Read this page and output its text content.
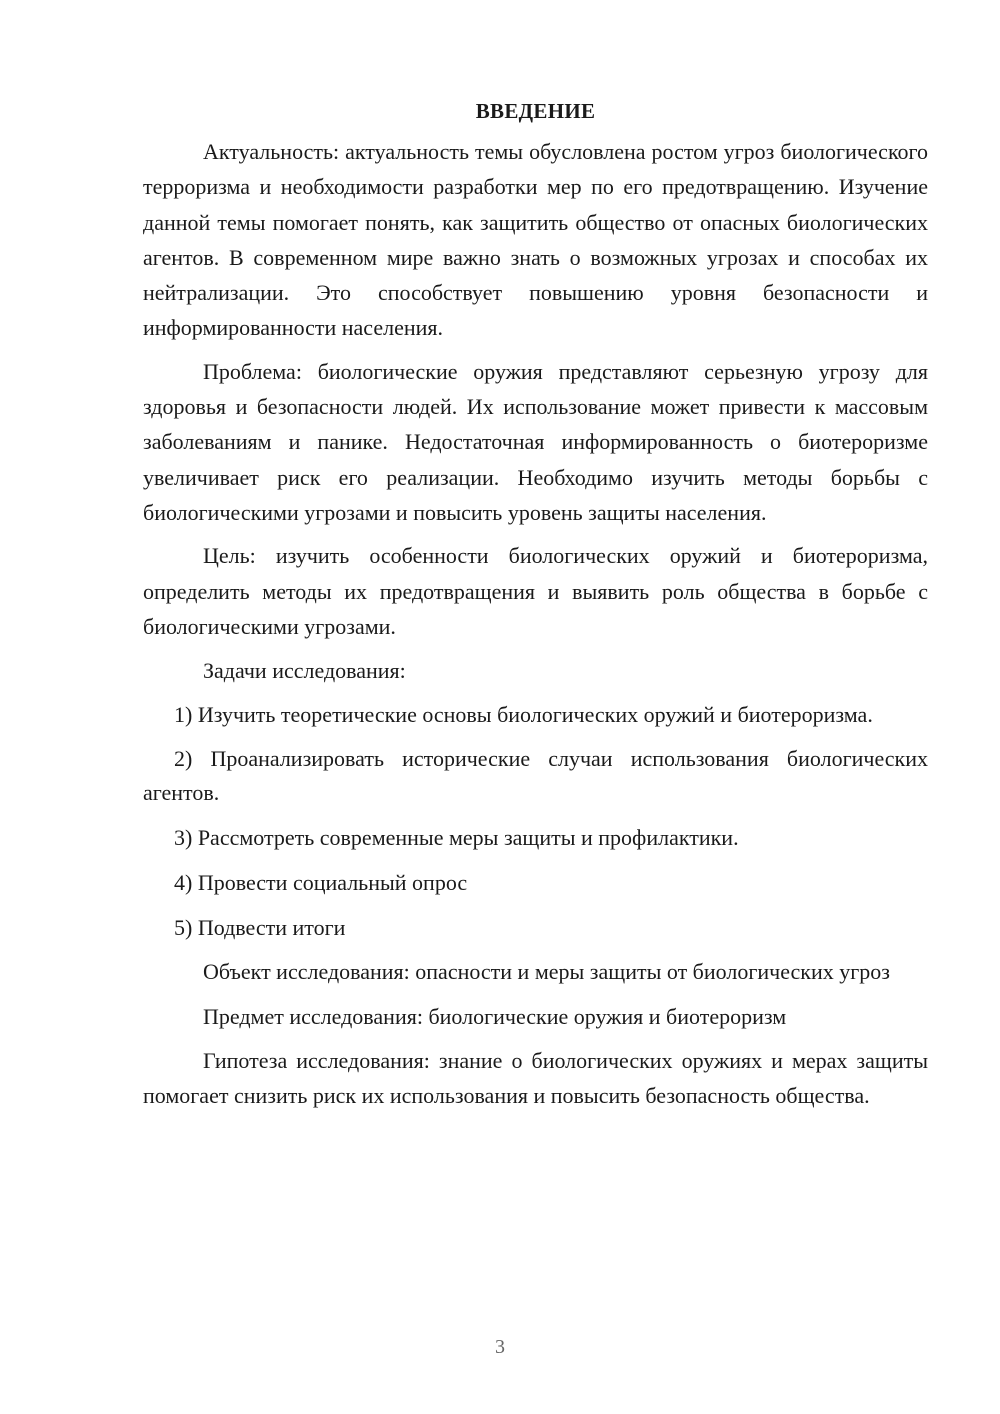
ВВЕДЕНИЕ

Актуальность: актуальность темы обусловлена ростом угроз биологического терроризма и необходимости разработки мер по его предотвращению. Изучение данной темы помогает понять, как защитить общество от опасных биологических агентов. В современном мире важно знать о возможных угрозах и способах их нейтрализации. Это способствует повышению уровня безопасности и информированности населения.

Проблема: биологические оружия представляют серьезную угрозу для здоровья и безопасности людей. Их использование может привести к массовым заболеваниям и панике. Недостаточная информированность о биотероризме увеличивает риск его реализации. Необходимо изучить методы борьбы с биологическими угрозами и повысить уровень защиты населения.

Цель: изучить особенности биологических оружий и биотероризма, определить методы их предотвращения и выявить роль общества в борьбе с биологическими угрозами.

Задачи исследования:

1) Изучить теоретические основы биологических оружий и биотероризма.

2) Проанализировать исторические случаи использования биологических агентов.

3) Рассмотреть современные меры защиты и профилактики.

4) Провести социальный опрос

5) Подвести итоги

Объект исследования: опасности и меры защиты от биологических угроз

Предмет исследования: биологические оружия и биотероризм

Гипотеза исследования: знание о биологических оружиях и мерах защиты помогает снизить риск их использования и повысить безопасность общества.

3
